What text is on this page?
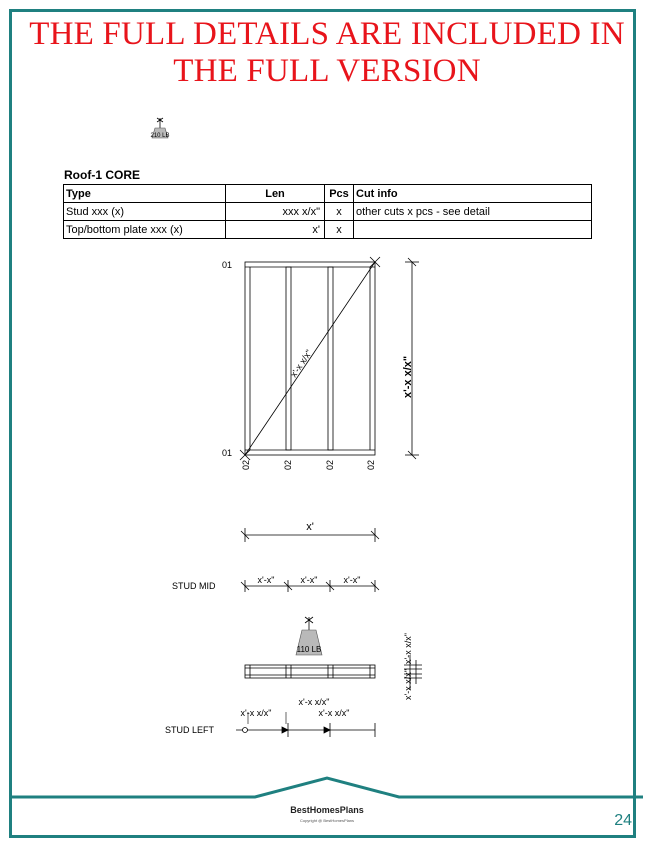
THE FULL DETAILS ARE INCLUDED IN
THE FULL VERSION
Roof-1 CORE
Type	Len	Pcs	Cut info
Stud xxx (x)	xxx x/x"	x	other cuts x pcs - see detail
Top/bottom plate xxx (x)	x'	x	
210 LB
01
01
02	02	02	02
x'-x x/x"	x'-x x/x"
x'
STUD MID
x'-x"	x'-x"	x'-x"
110 LB	x'-x x/x"
x'-x x/x"
STUD LEFT
x'-x x/x"
x'-x x/x"	x'-x x/x"
BestHomesPlans
Copyright @ BestHomesPlans	24
